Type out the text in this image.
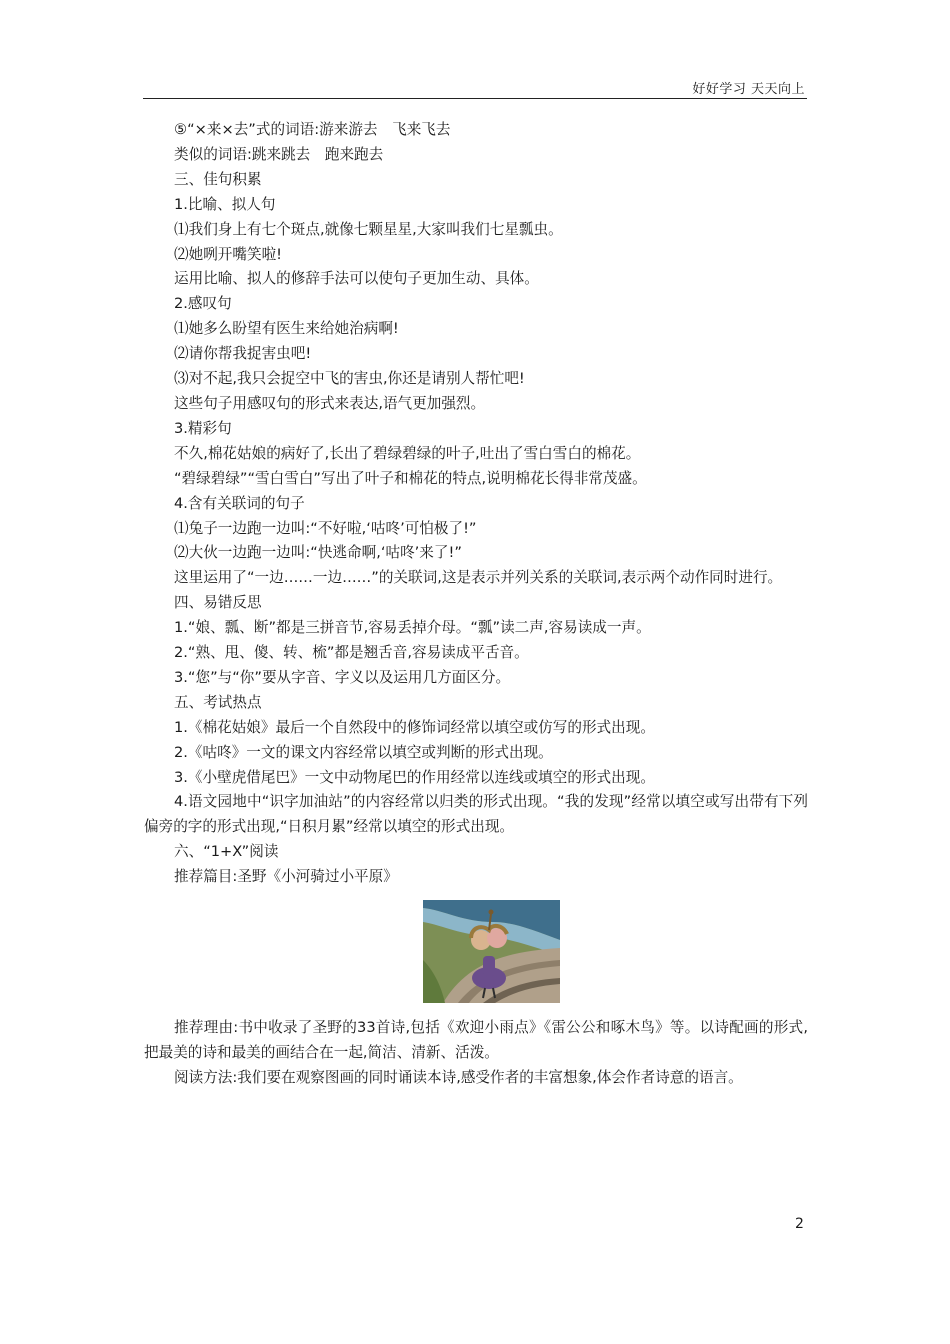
好好学习 天天向上

⑤“×来×去”式的词语:游来游去　飞来飞去

类似的词语:跳来跳去　跑来跑去

三、佳句积累

1.比喻、拟人句

⑴我们身上有七个斑点,就像七颗星星,大家叫我们七星瓢虫。

⑵她咧开嘴笑啦!

运用比喻、拟人的修辞手法可以使句子更加生动、具体。

2.感叹句

⑴她多么盼望有医生来给她治病啊!

⑵请你帮我捉害虫吧!

⑶对不起,我只会捉空中飞的害虫,你还是请别人帮忙吧!

这些句子用感叹句的形式来表达,语气更加强烈。

3.精彩句

不久,棉花姑娘的病好了,长出了碧绿碧绿的叶子,吐出了雪白雪白的棉花。

“碧绿碧绿”“雪白雪白”写出了叶子和棉花的特点,说明棉花长得非常茂盛。

4.含有关联词的句子

⑴兔子一边跑一边叫:“不好啦,‘咕咚’可怕极了!”

⑵大伙一边跑一边叫:“快逃命啊,‘咕咚’来了!”

这里运用了“一边……一边……”的关联词,这是表示并列关系的关联词,表示两个动作同时进行。

四、易错反思

1.“娘、瓢、断”都是三拼音节,容易丢掉介母。“瓢”读二声,容易读成一声。

2.“熟、甩、傻、转、梳”都是翘舌音,容易读成平舌音。

3.“您”与“你”要从字音、字义以及运用几方面区分。

五、考试热点

1.《棉花姑娘》最后一个自然段中的修饰词经常以填空或仿写的形式出现。

2.《咕咚》一文的课文内容经常以填空或判断的形式出现。

3.《小壁虎借尾巴》一文中动物尾巴的作用经常以连线或填空的形式出现。

4.语文园地中“识字加油站”的内容经常以归类的形式出现。“我的发现”经常以填空或写出带有下列偏旁的字的形式出现,“日积月累”经常以填空的形式出现。

六、“1+X”阅读

推荐篇目:圣野《小河骑过小平原》

推荐理由:书中收录了圣野的33首诗,包括《欢迎小雨点》《雷公公和啄木鸟》等。以诗配画的形式,把最美的诗和最美的画结合在一起,简洁、清新、活泼。

阅读方法:我们要在观察图画的同时诵读本诗,感受作者的丰富想象,体会作者诗意的语言。

2
